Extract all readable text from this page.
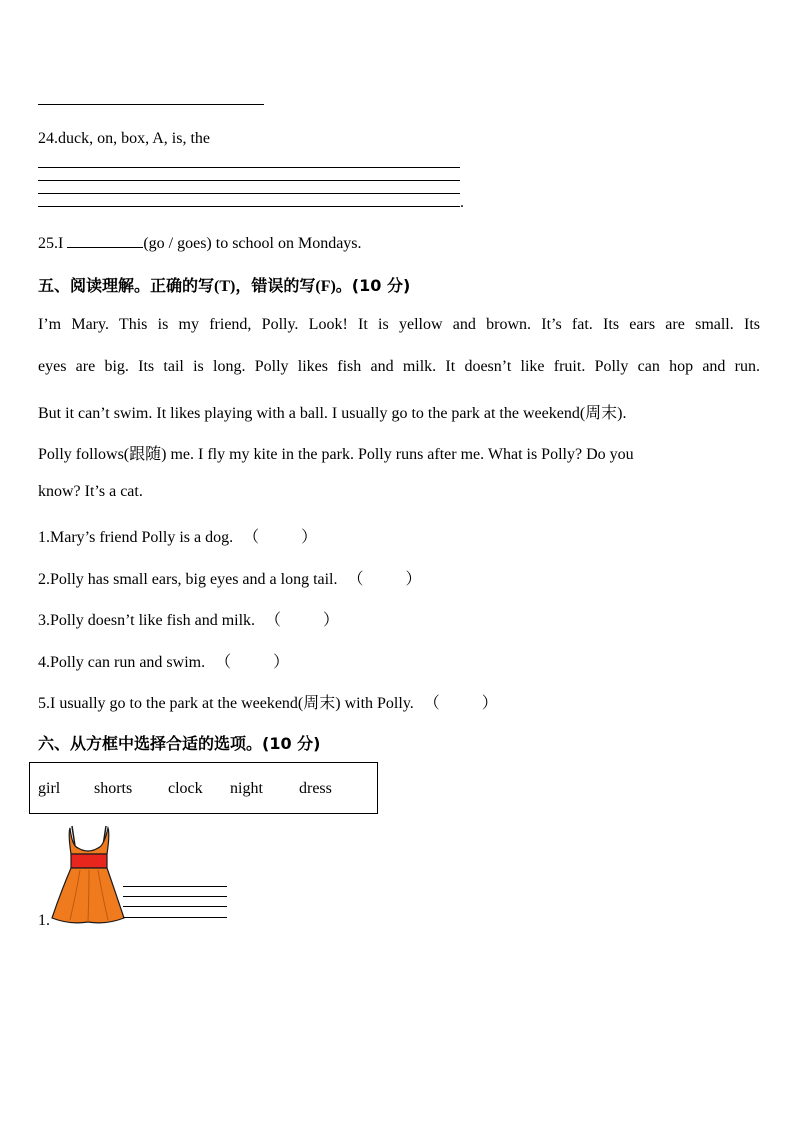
24.duck, on, box, A, is, the
.
25.I	(go / goes) to school on Mondays.
五、阅读理解。正确的写(T)，错误的写(F)。(10 分)
I’m Mary. This is my friend, Polly. Look! It is yellow and brown. It’s fat. Its ears are small. Its
eyes are big. Its tail is long. Polly likes fish and milk. It doesn’t like fruit. Polly can hop and run.
But it can’t swim. It likes playing with a ball. I usually go to the park at the weekend(周末).
Polly follows(跟随) me. I fly my kite in the park. Polly runs after me. What is Polly? Do you
know? It’s a cat.
1.Mary’s friend Polly is a dog. （	）
2.Polly has small ears, big eyes and a long tail. （	）
3.Polly doesn’t like fish and milk. （	）
4.Polly can run and swim. （	）
5.I usually go to the park at the weekend(周末) with Polly. （	）
六、从方框中选择合适的选项。(10 分)
girl shorts clock night dress
1.
